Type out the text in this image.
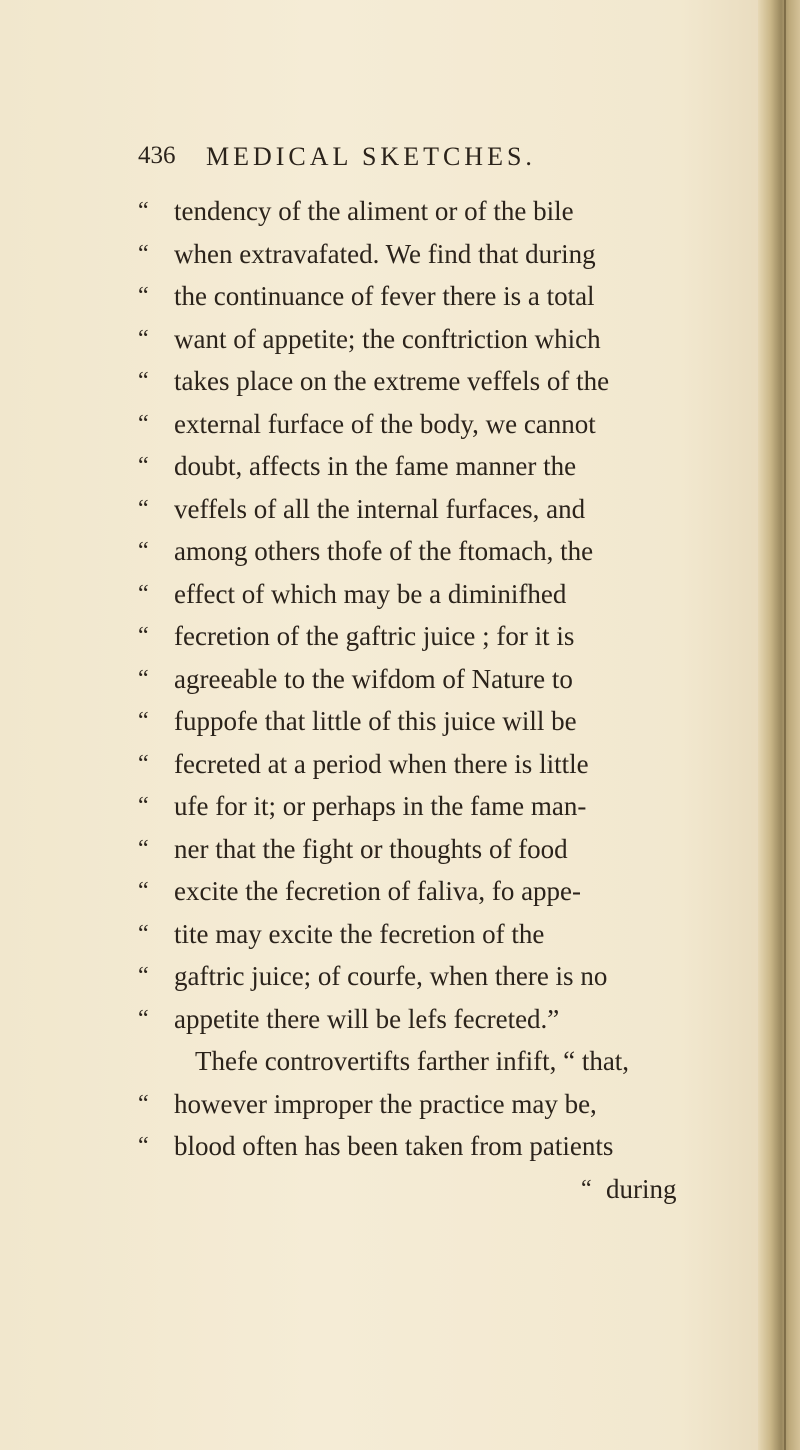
436 MEDICAL SKETCHES.
“ tendency of the aliment or of the bile
“ when extravafated. We find that during
“ the continuance of fever there is a total
“ want of appetite; the conftriction which
“ takes place on the extreme veffels of the
“ external furface of the body, we cannot
“ doubt, affects in the fame manner the
“ veffels of all the internal furfaces, and
“ among others thofe of the ftomach, the
“ effect of which may be a diminifhed
“ fecretion of the gaftric juice ; for it is
“ agreeable to the wifdom of Nature to
“ fuppofe that little of this juice will be
“ fecreted at a period when there is little
“ ufe for it; or perhaps in the fame man-
“ ner that the fight or thoughts of food
“ excite the fecretion of faliva, fo appe-
“ tite may excite the fecretion of the
“ gaftric juice; of courfe, when there is no
“ appetite there will be lefs fecreted.”
Thefe controvertifts farther infift, “ that,
“ however improper the practice may be,
“ blood often has been taken from patients
“ during
